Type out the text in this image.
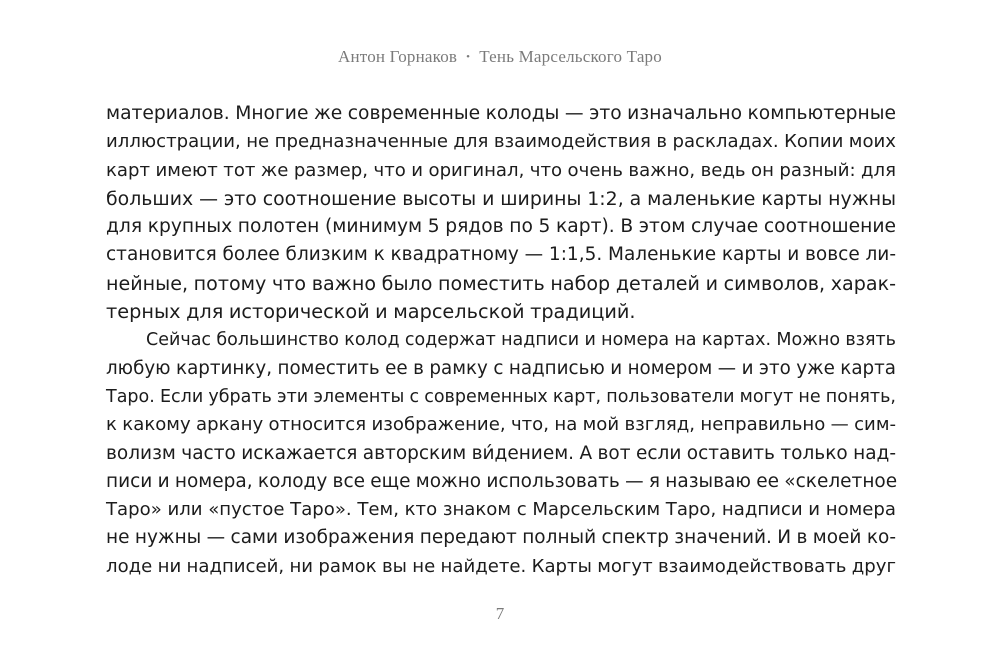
Антон Горнаков • Тень Марсельского Таро
материалов. Многие же современные колоды — это изначально компьютерные
иллюстрации, не предназначенные для взаимодействия в раскладах. Копии моих
карт имеют тот же размер, что и оригинал, что очень важно, ведь он разный: для
больших — это соотношение высоты и ширины 1:2, а маленькие карты нужны
для крупных полотен (минимум 5 рядов по 5 карт). В этом случае соотношение
становится более близким к квадратному — 1:1,5. Маленькие карты и вовсе ли-
нейные, потому что важно было поместить набор деталей и символов, харак-
терных для исторической и марсельской традиций.
Сейчас большинство колод содержат надписи и номера на картах. Можно взять
любую картинку, поместить ее в рамку с надписью и номером — и это уже карта
Таро. Если убрать эти элементы с современных карт, пользователи могут не понять,
к какому аркану относится изображение, что, на мой взгляд, неправильно — сим-
волизм часто искажается авторским ви́дением. А вот если оставить только над-
писи и номера, колоду все еще можно использовать — я называю ее «скелетное
Таро» или «пустое Таро». Тем, кто знаком с Марсельским Таро, надписи и номера
не нужны — сами изображения передают полный спектр значений. И в моей ко-
лоде ни надписей, ни рамок вы не найдете. Карты могут взаимодействовать друг
7
